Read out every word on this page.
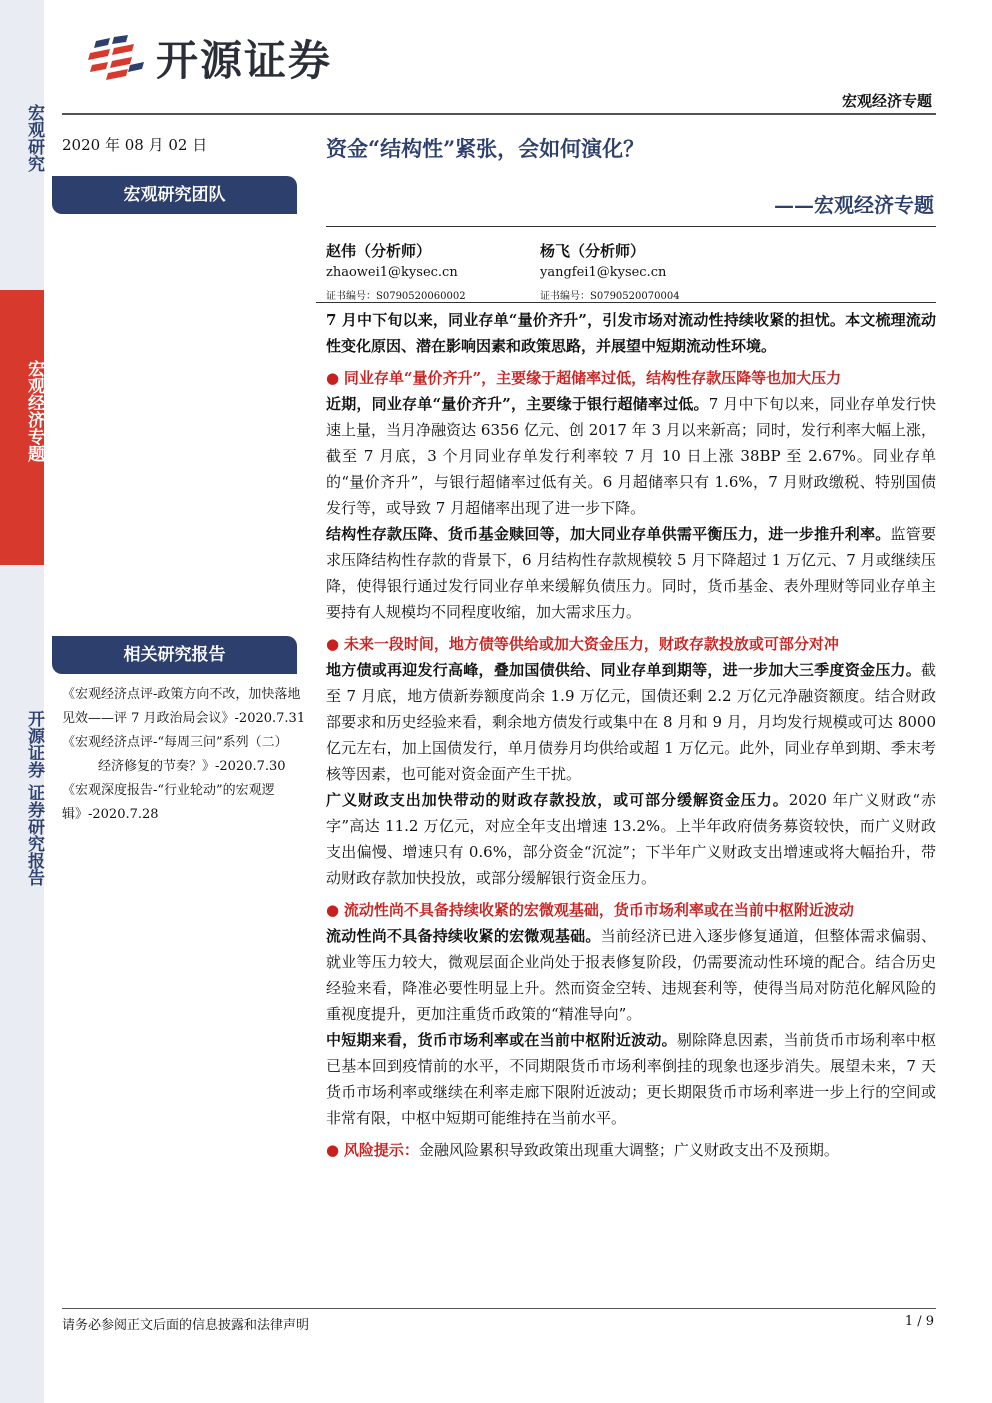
宏观研究
宏观经济专题
开源证券 证券研究报告
开源证券
宏观经济专题
2020 年 08 月 02 日
宏观研究团队
相关研究报告

《宏观经济点评-政策方向不改，加快落地见效——评 7 月政治局会议》-2020.7.31

《宏观经济点评-“每周三问”系列（二）

经济修复的节奏？》-2020.7.30

《宏观深度报告-“行业轮动”的宏观逻辑》-2020.7.28

资金“结构性”紧张，会如何演化？
——宏观经济专题
赵伟（分析师）
zhaowei1@kysec.cn
证书编号：S0790520060002
杨飞（分析师）
yangfei1@kysec.cn
证书编号：S0790520070004

7 月中下旬以来，同业存单“量价齐升”，引发市场对流动性持续收紧的担忧。本文梳理流动性变化原因、潜在影响因素和政策思路，并展望中短期流动性环境。

● 同业存单“量价齐升”，主要缘于超储率过低，结构性存款压降等也加大压力

近期，同业存单“量价齐升”，主要缘于银行超储率过低。7 月中下旬以来，同业存单发行快速上量，当月净融资达 6356 亿元、创 2017 年 3 月以来新高；同时，发行利率大幅上涨，截至 7 月底，3 个月同业存单发行利率较 7 月 10 日上涨 38BP 至 2.67%。同业存单的“量价齐升”，与银行超储率过低有关。6 月超储率只有 1.6%，7 月财政缴税、特别国债发行等，或导致 7 月超储率出现了进一步下降。

结构性存款压降、货币基金赎回等，加大同业存单供需平衡压力，进一步推升利率。监管要求压降结构性存款的背景下，6 月结构性存款规模较 5 月下降超过 1 万亿元、7 月或继续压降，使得银行通过发行同业存单来缓解负债压力。同时，货币基金、表外理财等同业存单主要持有人规模均不同程度收缩，加大需求压力。

● 未来一段时间，地方债等供给或加大资金压力，财政存款投放或可部分对冲

地方债或再迎发行高峰，叠加国债供给、同业存单到期等，进一步加大三季度资金压力。截至 7 月底，地方债新券额度尚余 1.9 万亿元，国债还剩 2.2 万亿元净融资额度。结合财政部要求和历史经验来看，剩余地方债发行或集中在 8 月和 9 月，月均发行规模或可达 8000 亿元左右，加上国债发行，单月债券月均供给或超 1 万亿元。此外，同业存单到期、季末考核等因素，也可能对资金面产生干扰。

广义财政支出加快带动的财政存款投放，或可部分缓解资金压力。2020 年广义财政“赤字”高达 11.2 万亿元，对应全年支出增速 13.2%。上半年政府债务募资较快，而广义财政支出偏慢、增速只有 0.6%，部分资金“沉淀”；下半年广义财政支出增速或将大幅抬升，带动财政存款加快投放，或部分缓解银行资金压力。

● 流动性尚不具备持续收紧的宏微观基础，货币市场利率或在当前中枢附近波动

流动性尚不具备持续收紧的宏微观基础。当前经济已进入逐步修复通道，但整体需求偏弱、就业等压力较大，微观层面企业尚处于报表修复阶段，仍需要流动性环境的配合。结合历史经验来看，降准必要性明显上升。然而资金空转、违规套利等，使得当局对防范化解风险的重视度提升，更加注重货币政策的“精准导向”。

中短期来看，货币市场利率或在当前中枢附近波动。剔除降息因素，当前货币市场利率中枢已基本回到疫情前的水平，不同期限货币市场利率倒挂的现象也逐步消失。展望未来，7 天货币市场利率或继续在利率走廊下限附近波动；更长期限货币市场利率进一步上行的空间或非常有限，中枢中短期可能维持在当前水平。

● 风险提示：金融风险累积导致政策出现重大调整；广义财政支出不及预期。

请务必参阅正文后面的信息披露和法律声明	1 / 9
